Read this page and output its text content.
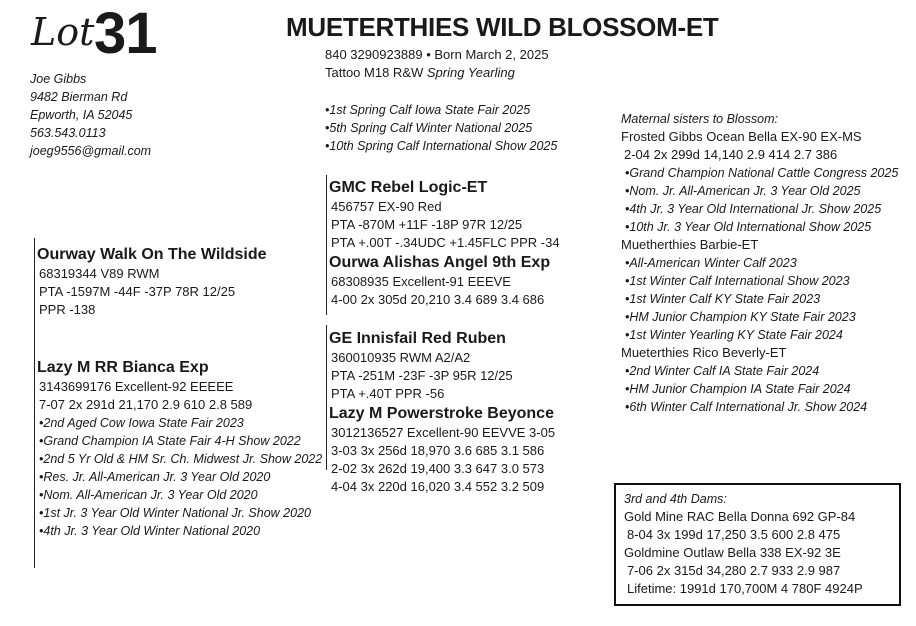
Lot 31	MUETERTHIES WILD BLOSSOM-ET
840 3290923889 • Born March 2, 2025
Tattoo M18 R&W Spring Yearling
•1st Spring Calf Iowa State Fair 2025
•5th Spring Calf Winter National 2025
•10th Spring Calf International Show 2025
Joe Gibbs
9482 Bierman Rd
Epworth, IA 52045
563.543.0113
joeg9556@gmail.com
Ourway Walk On The Wildside
68319344 V89 RWM
PTA -1597M -44F -37P 78R 12/25
PPR -138
Lazy M RR Bianca Exp
3143699176 Excellent-92 EEEEE
7-07 2x 291d 21,170 2.9 610 2.8 589
•2nd Aged Cow Iowa State Fair 2023
•Grand Champion IA State Fair 4-H Show 2022
•2nd 5 Yr Old & HM Sr. Ch. Midwest Jr. Show 2022
•Res. Jr. All-American Jr. 3 Year Old 2020
•Nom. All-American Jr. 3 Year Old 2020
•1st Jr. 3 Year Old Winter National Jr. Show 2020
•4th Jr. 3 Year Old Winter National 2020
GMC Rebel Logic-ET
456757 EX-90 Red
PTA -870M +11F -18P 97R 12/25
PTA +.00T -.34UDC +1.45FLC PPR -34
Ourwa Alishas Angel 9th Exp
68308935 Excellent-91 EEEVE
4-00 2x 305d 20,210 3.4 689 3.4 686
GE Innisfail Red Ruben
360010935 RWM A2/A2
PTA -251M -23F -3P 95R 12/25
PTA +.40T PPR -56
Lazy M Powerstroke Beyonce
3012136527 Excellent-90 EEVVE 3-05
3-03 3x 256d 18,970 3.6 685 3.1 586
2-02 3x 262d 19,400 3.3 647 3.0 573
4-04 3x 220d 16,020 3.4 552 3.2 509
Maternal sisters to Blossom:
Frosted Gibbs Ocean Bella EX-90 EX-MS
2-04 2x 299d 14,140 2.9 414 2.7 386
•Grand Champion National Cattle Congress 2025
•Nom. Jr. All-American Jr. 3 Year Old 2025
•4th Jr. 3 Year Old International Jr. Show 2025
•10th Jr. 3 Year Old International Show 2025
Muetherthies Barbie-ET
•All-American Winter Calf 2023
•1st Winter Calf International Show 2023
•1st Winter Calf KY State Fair 2023
•HM Junior Champion KY State Fair 2023
•1st Winter Yearling KY State Fair 2024
Mueterthies Rico Beverly-ET
•2nd Winter Calf IA State Fair 2024
•HM Junior Champion IA State Fair 2024
•6th Winter Calf International Jr. Show 2024
3rd and 4th Dams:
Gold Mine RAC Bella Donna 692 GP-84
8-04 3x 199d 17,250 3.5 600 2.8 475
Goldmine Outlaw Bella 338 EX-92 3E
7-06 2x 315d 34,280 2.7 933 2.9 987
Lifetime: 1991d 170,700M 4 780F 4924P
